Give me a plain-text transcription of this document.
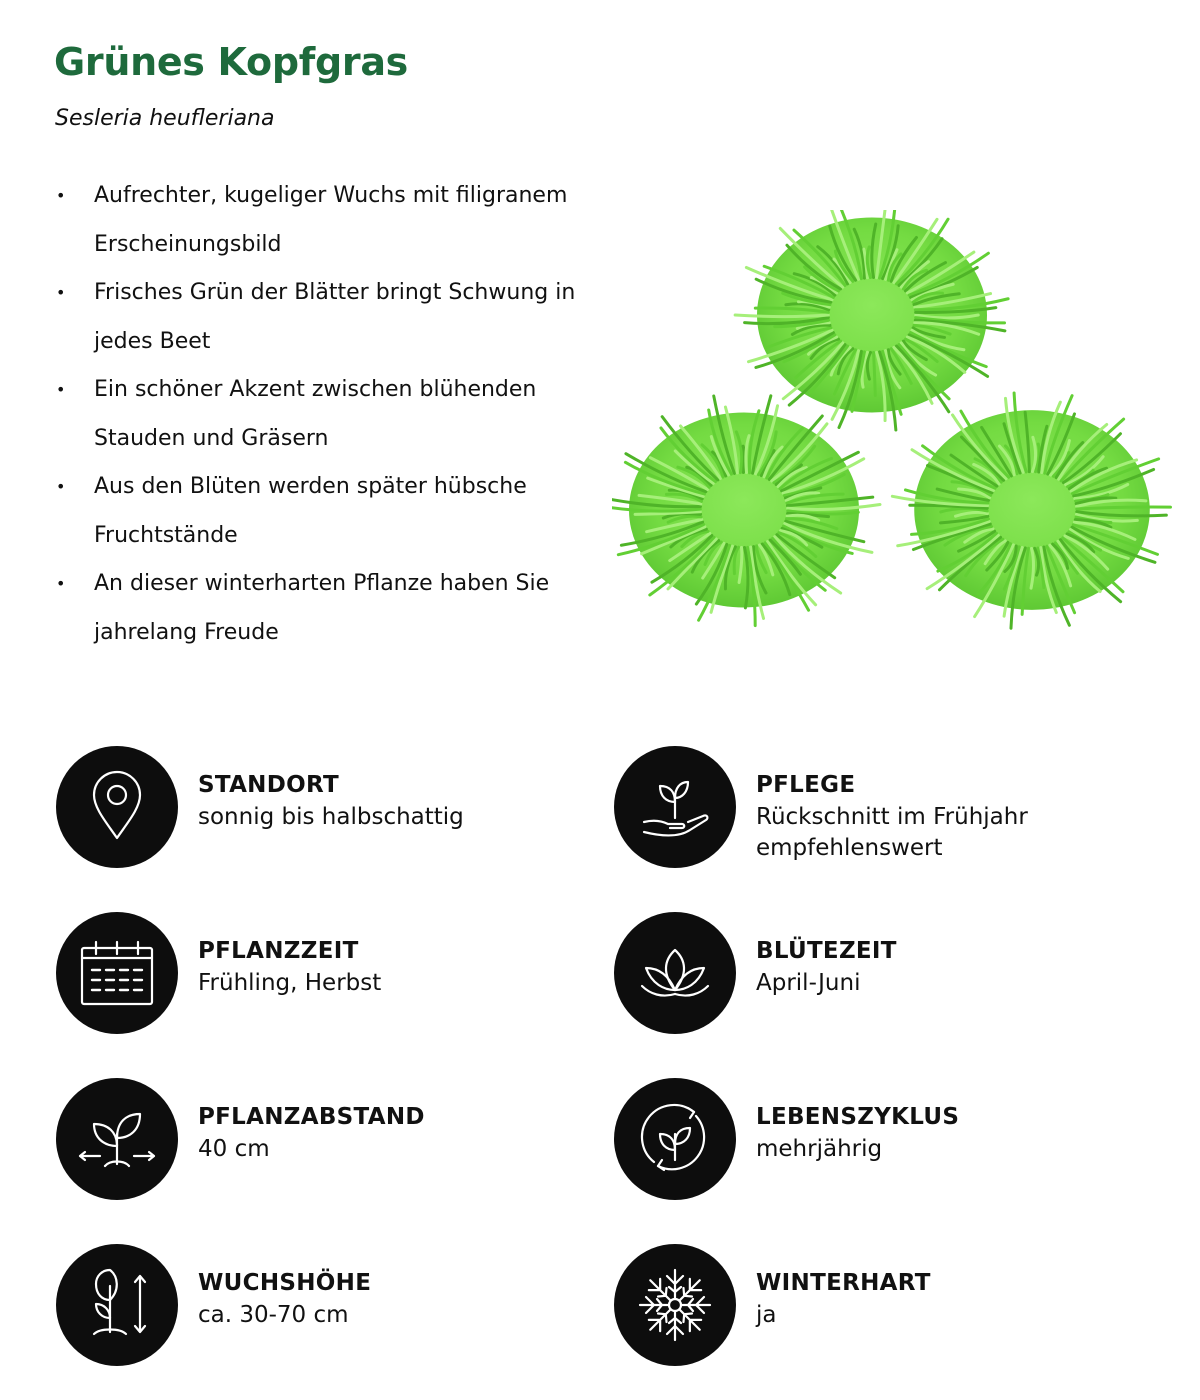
Grünes Kopfgras

Sesleria heufleriana

• Aufrechter, kugeliger Wuchs mit filigranem Erscheinungsbild
• Frisches Grün der Blätter bringt Schwung in jedes Beet
• Ein schöner Akzent zwischen blühenden Stauden und Gräsern
• Aus den Blüten werden später hübsche Fruchtstände
• An dieser winterharten Pflanze haben Sie jahrelang Freude
STANDORT
sonnig bis halbschattig
PFLEGE
Rückschnitt im Frühjahr empfehlenswert
PFLANZZEIT
Frühling, Herbst
BLÜTEZEIT
April-Juni
PFLANZABSTAND
40 cm
LEBENSZYKLUS
mehrjährig
WUCHSHÖHE
ca. 30-70 cm
WINTERHART
ja
